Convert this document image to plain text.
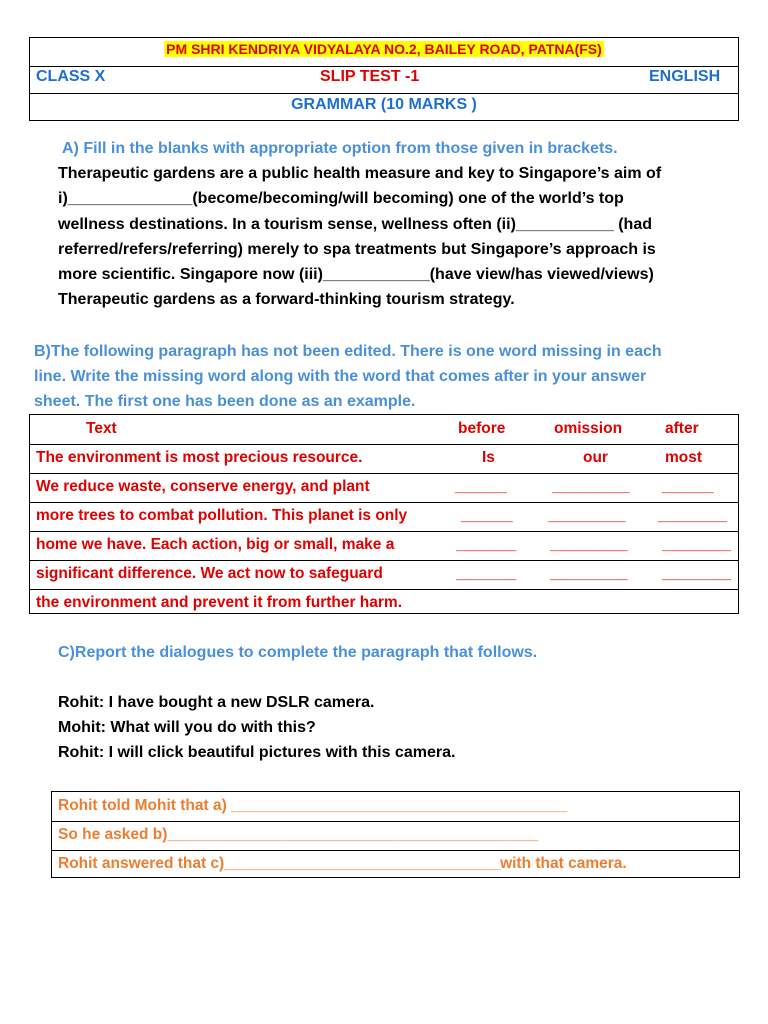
PM SHRI KENDRIYA VIDYALAYA NO.2, BAILEY ROAD, PATNA(FS)
CLASS X	SLIP TEST -1	ENGLISH
GRAMMAR (10 MARKS )
A) Fill in the blanks with appropriate option from those given in brackets.
Therapeutic gardens are a public health measure and key to Singapore’s aim of
i)______________(become/becoming/will becoming) one of the world’s top
wellness destinations. In a tourism sense, wellness often (ii)___________ (had
referred/refers/referring) merely to spa treatments but Singapore’s approach is
more scientific. Singapore now (iii)____________(have view/has viewed/views)
Therapeutic gardens as a forward-thinking tourism strategy.
B)The following paragraph has not been edited. There is one word missing in each
line. Write the missing word along with the word that comes after in your answer
sheet. The first one has been done as an example.
Text	before	omission	after
The environment is most precious resource.	Is	our	most
We reduce waste, conserve energy, and plant	______	_________ ______
more trees to combat pollution. This planet is only	______ _________ ________
home we have. Each action, big or small, make a	_______ _________ ________
significant difference. We act now to safeguard	_______ _________ ________
the environment and prevent it from further harm.
C)Report the dialogues to complete the paragraph that follows.
Rohit: I have bought a new DSLR camera.
Mohit: What will you do with this?
Rohit: I will click beautiful pictures with this camera.
Rohit told Mohit that a) _______________________________________
So he asked b)___________________________________________
Rohit answered that c)________________________________with that camera.
